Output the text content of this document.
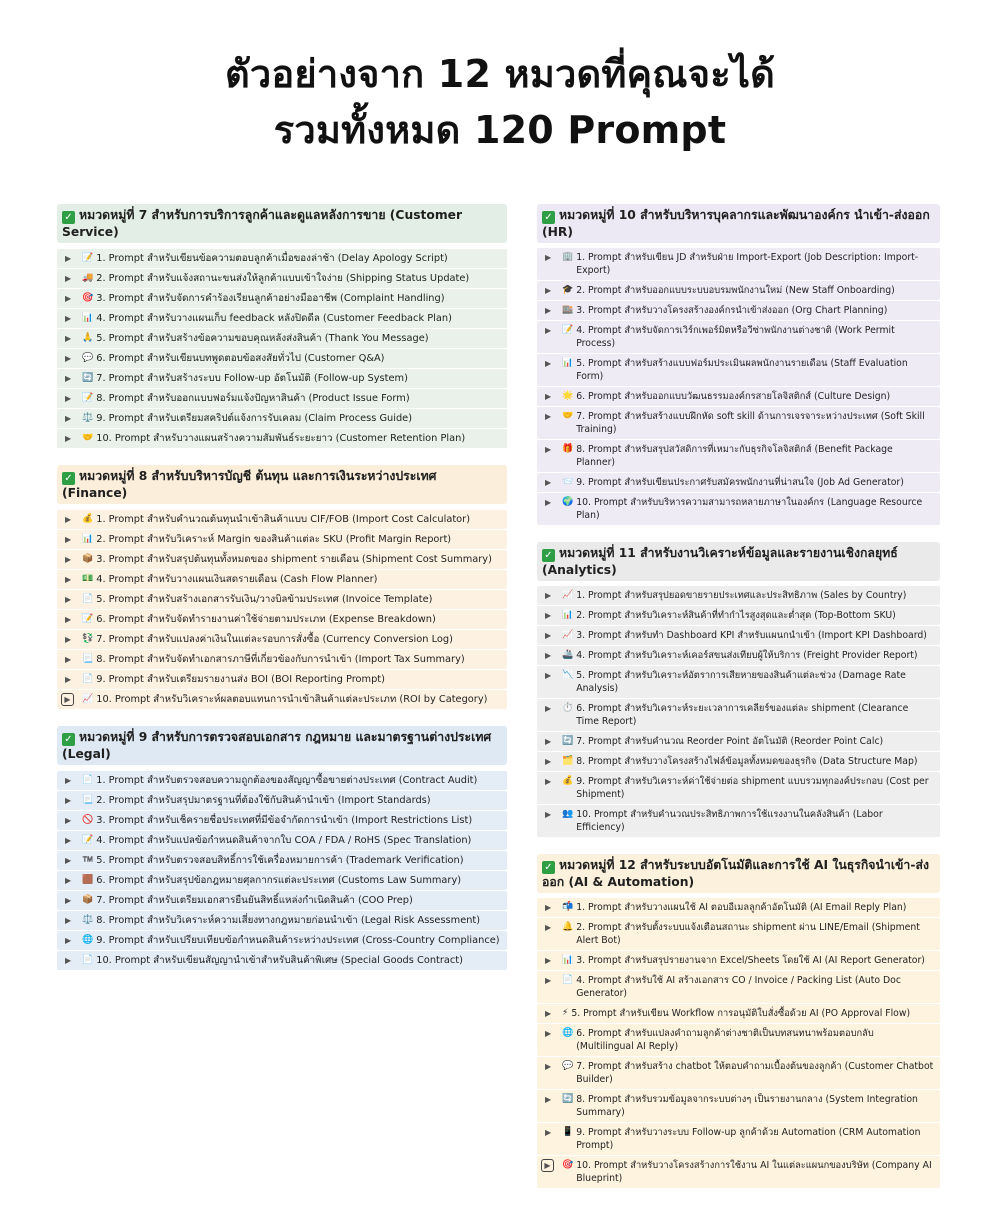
ตัวอย่างจาก 12 หมวดที่คุณจะได้
รวมทั้งหมด 120 Prompt
✓ หมวดหมู่ที่ 7 สำหรับการบริการลูกค้าและดูแลหลังการขาย (Customer Service)
▶	📝 1. Prompt สำหรับเขียนข้อความตอบลูกค้าเมื่อของล่าช้า (Delay Apology Script)
▶	🚚 2. Prompt สำหรับแจ้งสถานะขนส่งให้ลูกค้าแบบเข้าใจง่าย (Shipping Status Update)
▶	🎯 3. Prompt สำหรับจัดการคำร้องเรียนลูกค้าอย่างมืออาชีพ (Complaint Handling)
▶	📊 4. Prompt สำหรับวางแผนเก็บ feedback หลังปิดดีล (Customer Feedback Plan)
▶	🙏 5. Prompt สำหรับสร้างข้อความขอบคุณหลังส่งสินค้า (Thank You Message)
▶	💬 6. Prompt สำหรับเขียนบทพูดตอบข้อสงสัยทั่วไป (Customer Q&A)
▶	🔄 7. Prompt สำหรับสร้างระบบ Follow-up อัตโนมัติ (Follow-up System)
▶	📝 8. Prompt สำหรับออกแบบฟอร์มแจ้งปัญหาสินค้า (Product Issue Form)
▶	⚖️ 9. Prompt สำหรับเตรียมสคริปต์แจ้งการรับเคลม (Claim Process Guide)
▶	🤝 10. Prompt สำหรับวางแผนสร้างความสัมพันธ์ระยะยาว (Customer Retention Plan)
✓ หมวดหมู่ที่ 8 สำหรับบริหารบัญชี ต้นทุน และการเงินระหว่างประเทศ (Finance)
▶	💰 1. Prompt สำหรับคำนวณต้นทุนนำเข้าสินค้าแบบ CIF/FOB (Import Cost Calculator)
▶	📊 2. Prompt สำหรับวิเคราะห์ Margin ของสินค้าแต่ละ SKU (Profit Margin Report)
▶	📦 3. Prompt สำหรับสรุปต้นทุนทั้งหมดของ shipment รายเดือน (Shipment Cost Summary)
▶	💵 4. Prompt สำหรับวางแผนเงินสดรายเดือน (Cash Flow Planner)
▶	📄 5. Prompt สำหรับสร้างเอกสารรับเงิน/วางบิลข้ามประเทศ (Invoice Template)
▶	📝 6. Prompt สำหรับจัดทำรายงานค่าใช้จ่ายตามประเภท (Expense Breakdown)
▶	💱 7. Prompt สำหรับแปลงค่าเงินในแต่ละรอบการสั่งซื้อ (Currency Conversion Log)
▶	📃 8. Prompt สำหรับจัดทำเอกสารภาษีที่เกี่ยวข้องกับการนำเข้า (Import Tax Summary)
▶	📄 9. Prompt สำหรับเตรียมรายงานส่ง BOI (BOI Reporting Prompt)
▶	📈 10. Prompt สำหรับวิเคราะห์ผลตอบแทนการนำเข้าสินค้าแต่ละประเภท (ROI by Category)
✓ หมวดหมู่ที่ 9 สำหรับการตรวจสอบเอกสาร กฎหมาย และมาตรฐานต่างประเทศ (Legal)
▶	📄 1. Prompt สำหรับตรวจสอบความถูกต้องของสัญญาซื้อขายต่างประเทศ (Contract Audit)
▶	📃 2. Prompt สำหรับสรุปมาตรฐานที่ต้องใช้กับสินค้านำเข้า (Import Standards)
▶	🚫 3. Prompt สำหรับเช็ครายชื่อประเทศที่มีข้อจำกัดการนำเข้า (Import Restrictions List)
▶	📝 4. Prompt สำหรับแปลข้อกำหนดสินค้าจากใบ COA / FDA / RoHS (Spec Translation)
▶	™️ 5. Prompt สำหรับตรวจสอบสิทธิ์การใช้เครื่องหมายการค้า (Trademark Verification)
▶	🟫 6. Prompt สำหรับสรุปข้อกฎหมายศุลกากรแต่ละประเทศ (Customs Law Summary)
▶	📦 7. Prompt สำหรับเตรียมเอกสารยืนยันสิทธิ์แหล่งกำเนิดสินค้า (COO Prep)
▶	⚖️ 8. Prompt สำหรับวิเคราะห์ความเสี่ยงทางกฎหมายก่อนนำเข้า (Legal Risk Assessment)
▶	🌐 9. Prompt สำหรับเปรียบเทียบข้อกำหนดสินค้าระหว่างประเทศ (Cross-Country Compliance)
▶	📄 10. Prompt สำหรับเขียนสัญญานำเข้าสำหรับสินค้าพิเศษ (Special Goods Contract)
✓ หมวดหมู่ที่ 10 สำหรับบริหารบุคลากรและพัฒนาองค์กร นำเข้า-ส่งออก (HR)
▶	🏢 1. Prompt สำหรับเขียน JD สำหรับฝ่าย Import-Export (Job Description: Import-Export)
▶	🎓 2. Prompt สำหรับออกแบบระบบอบรมพนักงานใหม่ (New Staff Onboarding)
▶	🏬 3. Prompt สำหรับวางโครงสร้างองค์กรนำเข้าส่งออก (Org Chart Planning)
▶	📝 4. Prompt สำหรับจัดการเวิร์กเพอร์มิตหรือวีซ่าพนักงานต่างชาติ (Work Permit Process)
▶	📊 5. Prompt สำหรับสร้างแบบฟอร์มประเมินผลพนักงานรายเดือน (Staff Evaluation Form)
▶	🌟 6. Prompt สำหรับออกแบบวัฒนธรรมองค์กรสายโลจิสติกส์ (Culture Design)
▶	🤝 7. Prompt สำหรับสร้างแบบฝึกหัด soft skill ด้านการเจรจาระหว่างประเทศ (Soft Skill Training)
▶	🎁 8. Prompt สำหรับสรุปสวัสดิการที่เหมาะกับธุรกิจโลจิสติกส์ (Benefit Package Planner)
▶	📨 9. Prompt สำหรับเขียนประกาศรับสมัครพนักงานที่น่าสนใจ (Job Ad Generator)
▶	🌍 10. Prompt สำหรับบริหารความสามารถหลายภาษาในองค์กร (Language Resource Plan)
✓ หมวดหมู่ที่ 11 สำหรับงานวิเคราะห์ข้อมูลและรายงานเชิงกลยุทธ์ (Analytics)
▶	📈 1. Prompt สำหรับสรุปยอดขายรายประเทศและประสิทธิภาพ (Sales by Country)
▶	📊 2. Prompt สำหรับวิเคราะห์สินค้าที่ทำกำไรสูงสุดและต่ำสุด (Top-Bottom SKU)
▶	📈 3. Prompt สำหรับทำ Dashboard KPI สำหรับแผนกนำเข้า (Import KPI Dashboard)
▶	🚢 4. Prompt สำหรับวิเคราะห์เคอร์สขนส่งเทียบผู้ให้บริการ (Freight Provider Report)
▶	📉 5. Prompt สำหรับวิเคราะห์อัตราการเสียหายของสินค้าแต่ละช่วง (Damage Rate Analysis)
▶	⏱️ 6. Prompt สำหรับวิเคราะห์ระยะเวลาการเคลียร์ของแต่ละ shipment (Clearance Time Report)
▶	🔄 7. Prompt สำหรับคำนวณ Reorder Point อัตโนมัติ (Reorder Point Calc)
▶	🗂️ 8. Prompt สำหรับวางโครงสร้างไฟล์ข้อมูลทั้งหมดของธุรกิจ (Data Structure Map)
▶	💰 9. Prompt สำหรับวิเคราะห์ค่าใช้จ่ายต่อ shipment แบบรวมทุกองค์ประกอบ (Cost per Shipment)
▶	👥 10. Prompt สำหรับคำนวณประสิทธิภาพการใช้แรงงานในคลังสินค้า (Labor Efficiency)
✓ หมวดหมู่ที่ 12 สำหรับระบบอัตโนมัติและการใช้ AI ในธุรกิจนำเข้า-ส่งออก (AI & Automation)
▶	📬 1. Prompt สำหรับวางแผนใช้ AI ตอบอีเมลลูกค้าอัตโนมัติ (AI Email Reply Plan)
▶	🔔 2. Prompt สำหรับตั้งระบบแจ้งเตือนสถานะ shipment ผ่าน LINE/Email (Shipment Alert Bot)
▶	📊 3. Prompt สำหรับสรุปรายงานจาก Excel/Sheets โดยใช้ AI (AI Report Generator)
▶	📄 4. Prompt สำหรับใช้ AI สร้างเอกสาร CO / Invoice / Packing List (Auto Doc Generator)
▶	⚡ 5. Prompt สำหรับเขียน Workflow การอนุมัติใบสั่งซื้อด้วย AI (PO Approval Flow)
▶	🌐 6. Prompt สำหรับแปลงคำถามลูกค้าต่างชาติเป็นบทสนทนาพร้อมตอบกลับ (Multilingual AI Reply)
▶	💬 7. Prompt สำหรับสร้าง chatbot ให้ตอบคำถามเบื้องต้นของลูกค้า (Customer Chatbot Builder)
▶	🔄 8. Prompt สำหรับรวมข้อมูลจากระบบต่างๆ เป็นรายงานกลาง (System Integration Summary)
▶	📱 9. Prompt สำหรับวางระบบ Follow-up ลูกค้าด้วย Automation (CRM Automation Prompt)
▶	🎯 10. Prompt สำหรับวางโครงสร้างการใช้งาน AI ในแต่ละแผนกของบริษัท (Company AI Blueprint)
